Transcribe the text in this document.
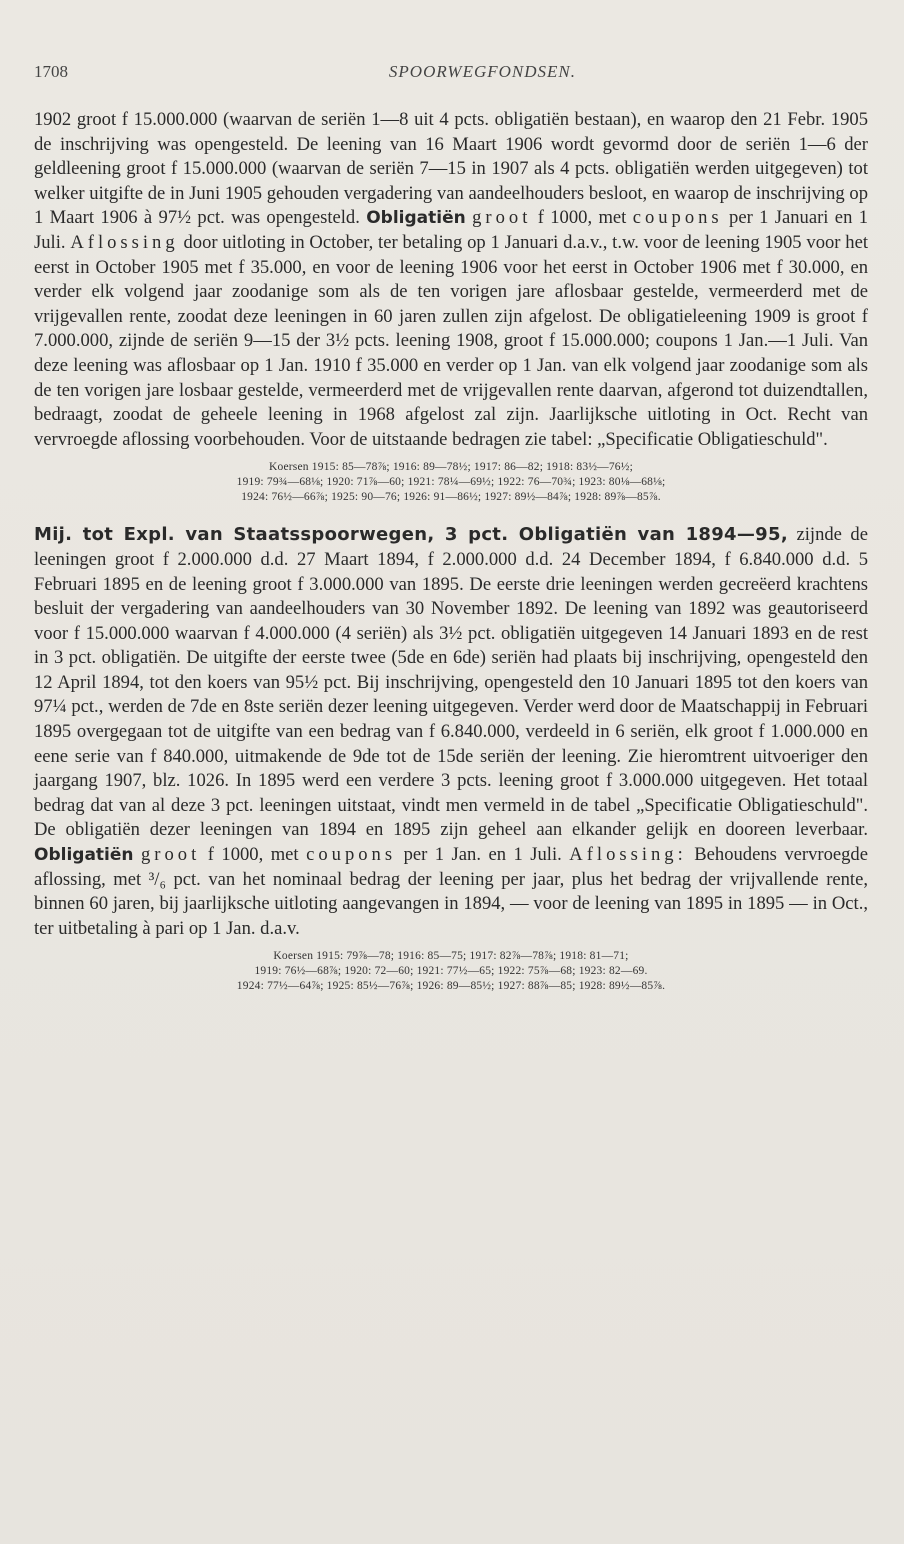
1708	SPOORWEGFONDSEN.

1902 groot f 15.000.000 (waarvan de seriën 1—8 uit 4 pcts. obligatiën bestaan), en waarop den 21 Febr. 1905 de inschrijving was opengesteld. De leening van 16 Maart 1906 wordt gevormd door de seriën 1—6 der geldleening groot f 15.000.000 (waarvan de seriën 7—15 in 1907 als 4 pcts. obligatiën werden uitgegeven) tot welker uitgifte de in Juni 1905 gehouden vergadering van aandeelhouders besloot, en waarop de inschrijving op 1 Maart 1906 à 97½ pct. was opengesteld. Obligatiën groot f 1000, met coupons per 1 Januari en 1 Juli. Aflossing door uitloting in October, ter betaling op 1 Januari d.a.v., t.w. voor de leening 1905 voor het eerst in October 1905 met f 35.000, en voor de leening 1906 voor het eerst in October 1906 met f 30.000, en verder elk volgend jaar zoodanige som als de ten vorigen jare aflosbaar gestelde, vermeerderd met de vrijgevallen rente, zoodat deze leeningen in 60 jaren zullen zijn afgelost. De obligatieleening 1909 is groot f 7.000.000, zijnde de seriën 9—15 der 3½ pcts. leening 1908, groot f 15.000.000; coupons 1 Jan.—1 Juli. Van deze leening was aflosbaar op 1 Jan. 1910 f 35.000 en verder op 1 Jan. van elk volgend jaar zoodanige som als de ten vorigen jare losbaar gestelde, vermeerderd met de vrijgevallen rente daarvan, afgerond tot duizendtallen, bedraagt, zoodat de geheele leening in 1968 afgelost zal zijn. Jaarlijksche uitloting in Oct. Recht van vervroegde aflossing voorbehouden. Voor de uitstaande bedragen zie tabel: „Specificatie Obligatieschuld".

Koersen 1915: 85—78⅞; 1916: 89—78½; 1917: 86—82; 1918: 83½—76½;
1919: 79¾—68⅛; 1920: 71⅞—60; 1921: 78¼—69½; 1922: 76—70¾; 1923: 80⅛—68⅛;
1924: 76½—66⅞; 1925: 90—76; 1926: 91—86½; 1927: 89½—84⅞; 1928: 89⅞—85⅞.

Mij. tot Expl. van Staatsspoorwegen, 3 pct. Obligatiën van 1894—95, zijnde de leeningen groot f 2.000.000 d.d. 27 Maart 1894, f 2.000.000 d.d. 24 December 1894, f 6.840.000 d.d. 5 Februari 1895 en de leening groot f 3.000.000 van 1895. De eerste drie leeningen werden gecreëerd krachtens besluit der vergadering van aandeelhouders van 30 November 1892. De leening van 1892 was geautoriseerd voor f 15.000.000 waarvan f 4.000.000 (4 seriën) als 3½ pct. obligatiën uitgegeven 14 Januari 1893 en de rest in 3 pct. obligatiën. De uitgifte der eerste twee (5de en 6de) seriën had plaats bij inschrijving, opengesteld den 12 April 1894, tot den koers van 95½ pct. Bij inschrijving, opengesteld den 10 Januari 1895 tot den koers van 97¼ pct., werden de 7de en 8ste seriën dezer leening uitgegeven. Verder werd door de Maatschappij in Februari 1895 overgegaan tot de uitgifte van een bedrag van f 6.840.000, verdeeld in 6 seriën, elk groot f 1.000.000 en eene serie van f 840.000, uitmakende de 9de tot de 15de seriën der leening. Zie hieromtrent uitvoeriger den jaargang 1907, blz. 1026. In 1895 werd een verdere 3 pcts. leening groot f 3.000.000 uitgegeven. Het totaal bedrag dat van al deze 3 pct. leeningen uitstaat, vindt men vermeld in de tabel „Specificatie Obligatieschuld". De obligatiën dezer leeningen van 1894 en 1895 zijn geheel aan elkander gelijk en dooreen leverbaar. Obligatiën groot f 1000, met coupons per 1 Jan. en 1 Juli. Aflossing: Behoudens vervroegde aflossing, met ³/₆ pct. van het nominaal bedrag der leening per jaar, plus het bedrag der vrijvallende rente, binnen 60 jaren, bij jaarlijksche uitloting aangevangen in 1894, — voor de leening van 1895 in 1895 — in Oct., ter uitbetaling à pari op 1 Jan. d.a.v.

Koersen 1915: 79⅞—78; 1916: 85—75; 1917: 82⅞—78⅞; 1918: 81—71;
1919: 76½—68⅞; 1920: 72—60; 1921: 77½—65; 1922: 75⅞—68; 1923: 82—69.
1924: 77½—64⅞; 1925: 85½—76⅞; 1926: 89—85½; 1927: 88⅞—85; 1928: 89½—85⅞.
